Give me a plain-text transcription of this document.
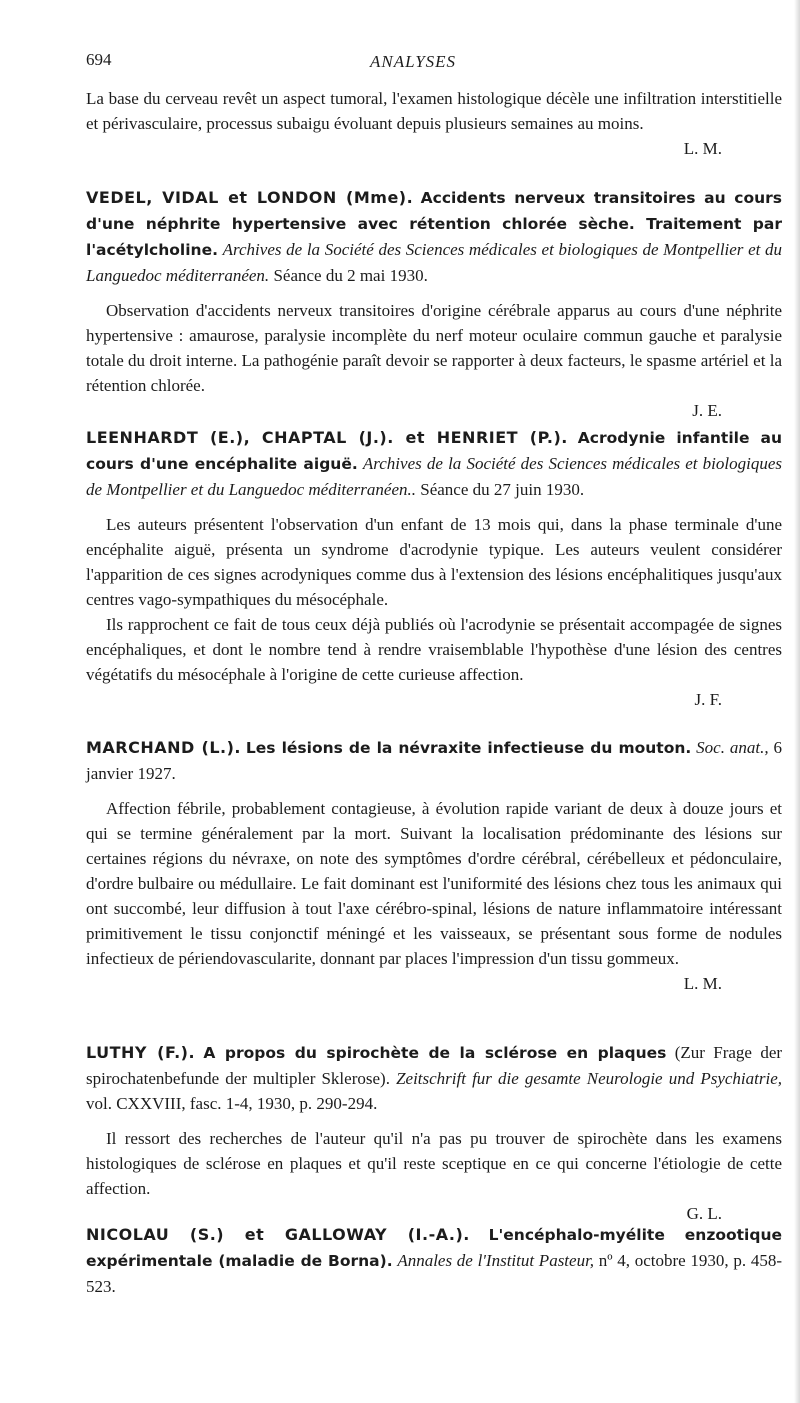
694	ANALYSES

La base du cerveau revêt un aspect tumoral, l'examen histologique décèle une infiltration interstitielle et périvasculaire, processus subaigu évoluant depuis plusieurs semaines au moins.

L. M.

VEDEL, VIDAL et LONDON (Mme). Accidents nerveux transitoires au cours d'une néphrite hypertensive avec rétention chlorée sèche. Traitement par l'acétylcholine. Archives de la Société des Sciences médicales et biologiques de Montpellier et du Languedoc méditerranéen. Séance du 2 mai 1930.

Observation d'accidents nerveux transitoires d'origine cérébrale apparus au cours d'une néphrite hypertensive : amaurose, paralysie incomplète du nerf moteur oculaire commun gauche et paralysie totale du droit interne. La pathogénie paraît devoir se rapporter à deux facteurs, le spasme artériel et la rétention chlorée.

J. E.

LEENHARDT (E.), CHAPTAL (J.). et HENRIET (P.). Acrodynie infantile au cours d'une encéphalite aiguë. Archives de la Société des Sciences médicales et biologiques de Montpellier et du Languedoc méditerranéen.. Séance du 27 juin 1930.

Les auteurs présentent l'observation d'un enfant de 13 mois qui, dans la phase terminale d'une encéphalite aiguë, présenta un syndrome d'acrodynie typique. Les auteurs veulent considérer l'apparition de ces signes acrodyniques comme dus à l'extension des lésions encéphalitiques jusqu'aux centres vago-sympathiques du mésocéphale.

Ils rapprochent ce fait de tous ceux déjà publiés où l'acrodynie se présentait accompagée de signes encéphaliques, et dont le nombre tend à rendre vraisemblable l'hypothèse d'une lésion des centres végétatifs du mésocéphale à l'origine de cette curieuse affection.

J. F.

MARCHAND (L.). Les lésions de la névraxite infectieuse du mouton. Soc. anat., 6 janvier 1927.

Affection fébrile, probablement contagieuse, à évolution rapide variant de deux à douze jours et qui se termine généralement par la mort. Suivant la localisation prédominante des lésions sur certaines régions du névraxe, on note des symptômes d'ordre cérébral, cérébelleux et pédonculaire, d'ordre bulbaire ou médullaire. Le fait dominant est l'uniformité des lésions chez tous les animaux qui ont succombé, leur diffusion à tout l'axe cérébro-spinal, lésions de nature inflammatoire intéressant primitivement le tissu conjonctif méningé et les vaisseaux, se présentant sous forme de nodules infectieux de périendovascularite, donnant par places l'impression d'un tissu gommeux.

L. M.

LUTHY (F.). A propos du spirochète de la sclérose en plaques (Zur Frage der spirochatenbefunde der multipler Sklerose). Zeitschrift fur die gesamte Neurologie und Psychiatrie, vol. CXXVIII, fasc. 1-4, 1930, p. 290-294.

Il ressort des recherches de l'auteur qu'il n'a pas pu trouver de spirochète dans les examens histologiques de sclérose en plaques et qu'il reste sceptique en ce qui concerne l'étiologie de cette affection.

G. L.

NICOLAU (S.) et GALLOWAY (I.-A.). L'encéphalo-myélite enzootique expérimentale (maladie de Borna). Annales de l'Institut Pasteur, nº 4, octobre 1930, p. 458-523.
